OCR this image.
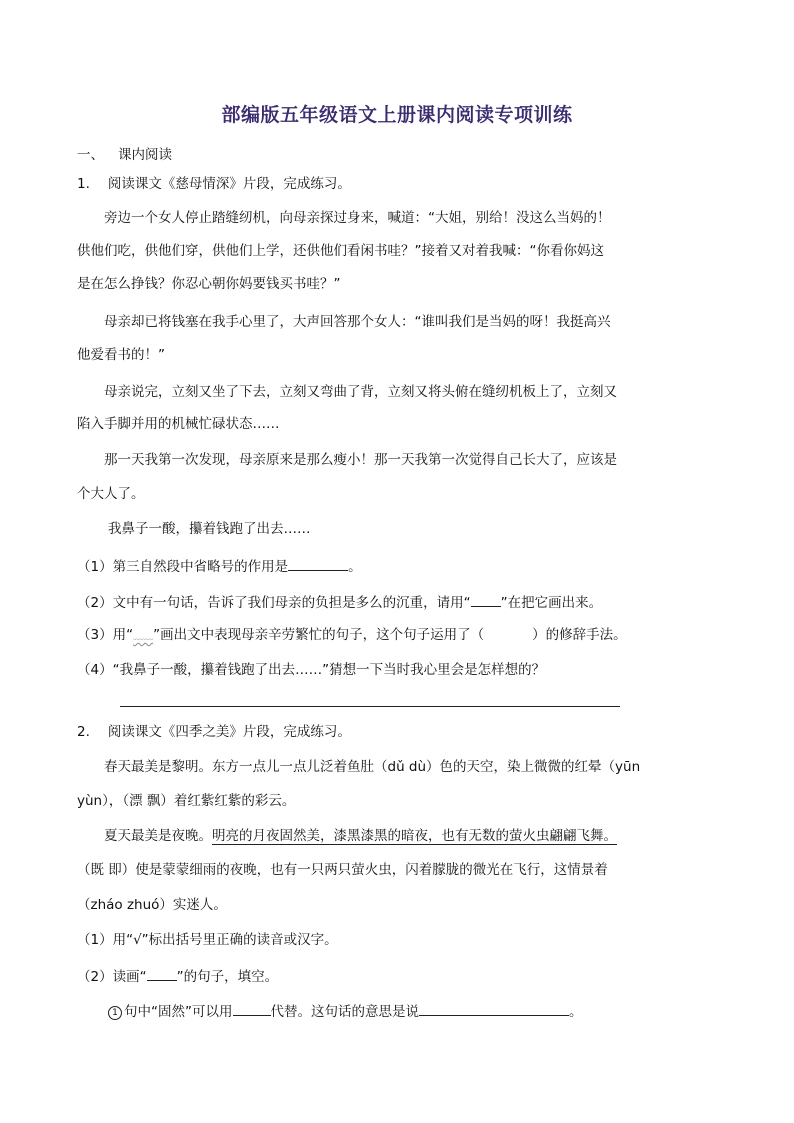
部编版五年级语文上册课内阅读专项训练
一、 课内阅读
1. 阅读课文《慈母情深》片段，完成练习。
旁边一个女人停止踏缝纫机，向母亲探过身来，喊道：“大姐，别给！没这么当妈的！
供他们吃，供他们穿，供他们上学，还供他们看闲书哇？”接着又对着我喊：“你看你妈这
是在怎么挣钱？你忍心朝你妈要钱买书哇？”
母亲却已将钱塞在我手心里了，大声回答那个女人：“谁叫我们是当妈的呀！我挺高兴
他爱看书的！”
母亲说完，立刻又坐了下去，立刻又弯曲了背，立刻又将头俯在缝纫机板上了，立刻又
陷入手脚并用的机械忙碌状态……
那一天我第一次发现，母亲原来是那么瘦小！那一天我第一次觉得自己长大了，应该是
个大人了。
我鼻子一酸，攥着钱跑了出去……
（1）第三自然段中省略号的作用是	。
（2）文中有一句话，告诉了我们母亲的负担是多么的沉重，请用“ ”在把它画出来。
（3）用“﹏﹏”画出文中表现母亲辛劳繁忙的句子，这个句子运用了（	）的修辞手法。
（4）“我鼻子一酸，攥着钱跑了出去……”猜想一下当时我心里会是怎样想的？
2. 阅读课文《四季之美》片段，完成练习。
春天最美是黎明。东方一点儿一点儿泛着鱼肚（dǔ dù）色的天空，染上微微的红晕（yūn
yùn），（漂 飘）着红紫红紫的彩云。
夏天最美是夜晚。明亮的月夜固然美，漆黑漆黑的暗夜，也有无数的萤火虫翩翩飞舞。
（既 即）使是蒙蒙细雨的夜晚，也有一只两只萤火虫，闪着朦胧的微光在飞行，这情景着
（zháo zhuó）实迷人。
（1）用“√”标出括号里正确的读音或汉字。
（2）读画“ ”的句子，填空。
1 句中“固然”可以用	代替。这句话的意思是说	。
